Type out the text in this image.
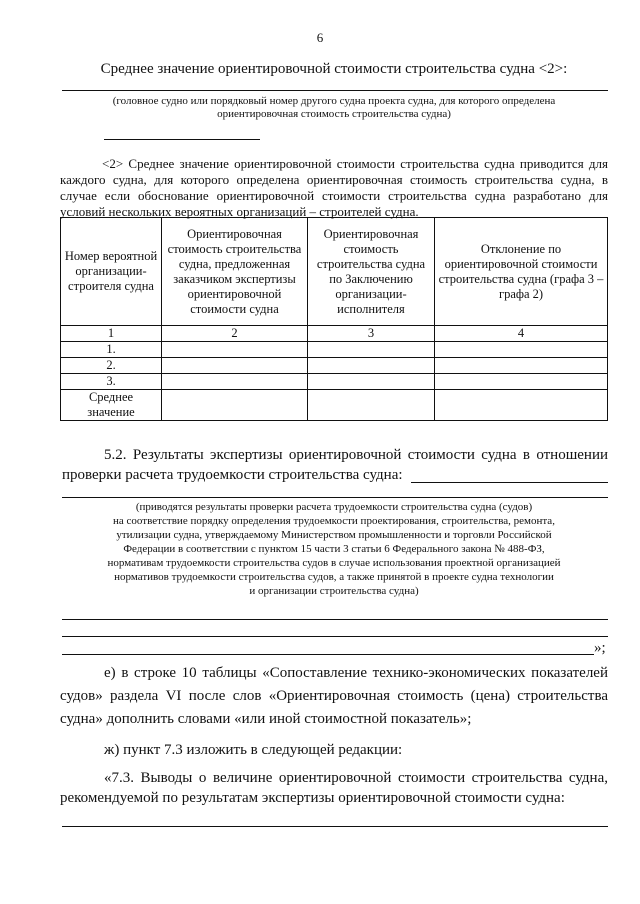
6
Среднее значение ориентировочной стоимости строительства судна <2>:
(головное судно или порядковый номер другого судна проекта судна, для которого определена
ориентировочная стоимость строительства судна)
<2> Среднее значение ориентировочной стоимости строительства судна приводится для каждого судна, для которого определена ориентировочная стоимость строительства судна, в случае если обоснование ориентировочной стоимости строительства судна разработано для условий нескольких вероятных организаций – строителей судна.
Номер вероятной организации-строителя судна	Ориентировочная стоимость строительства судна, предложенная заказчиком экспертизы ориентировочной стоимости судна	Ориентировочная стоимость строительства судна по Заключению организации-исполнителя	Отклонение по ориентировочной стоимости строительства судна (графа 3 – графа 2)
1	2	3	4
1.			
2.			
3.			
Среднее значение			
5.2. Результаты экспертизы ориентировочной стоимости судна в отношении
проверки расчета трудоемкости строительства судна:
(приводятся результаты проверки расчета трудоемкости строительства судна (судов)
на соответствие порядку определения трудоемкости проектирования, строительства, ремонта,
утилизации судна, утверждаемому Министерством промышленности и торговли Российской
Федерации в соответствии с пунктом 15 части 3 статьи 6 Федерального закона № 488-ФЗ,
нормативам трудоемкости строительства судов в случае использования проектной организацией
нормативов трудоемкости строительства судов, а также принятой в проекте судна технологии
и организации строительства судна)
»;
е) в строке 10 таблицы «Сопоставление технико-экономических показателей судов» раздела VI после слов «Ориентировочная стоимость (цена) строительства судна» дополнить словами «или иной стоимостной показатель»;
ж) пункт 7.3 изложить в следующей редакции:
«7.3. Выводы о величине ориентировочной стоимости строительства судна, рекомендуемой по результатам экспертизы ориентировочной стоимости судна:
